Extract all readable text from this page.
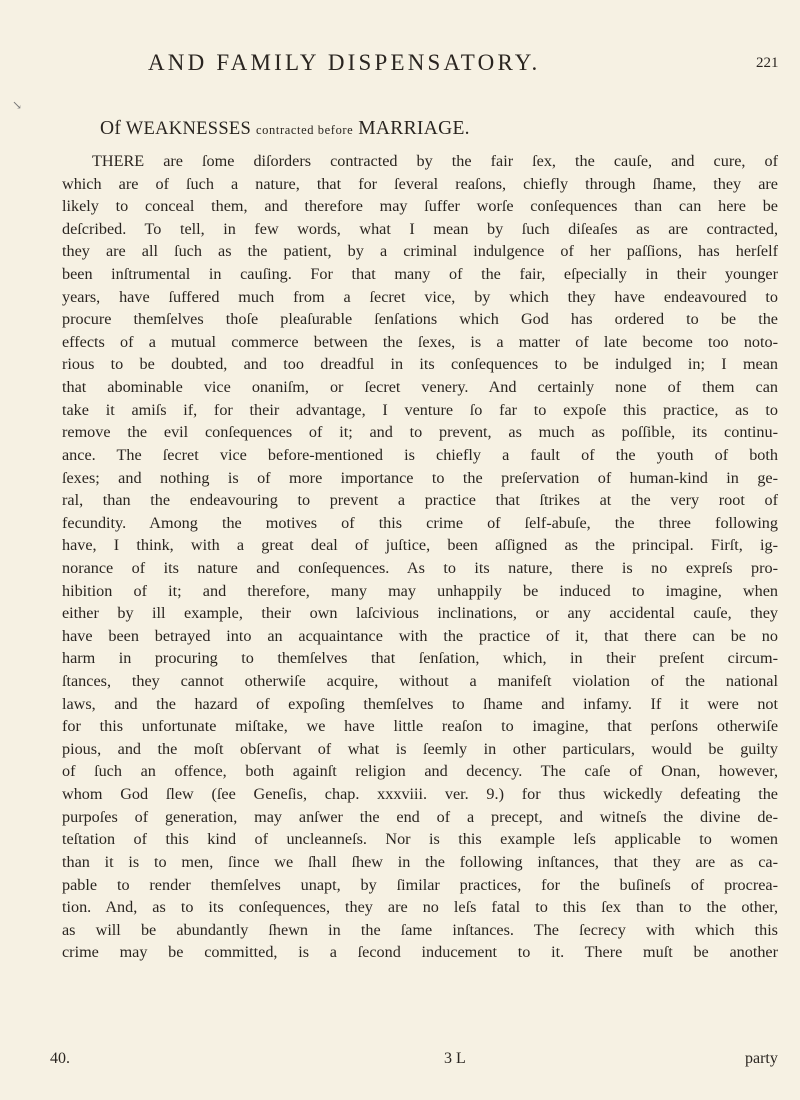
AND FAMILY DISPENSATORY.	221
↘
Of WEAKNESSES contracted before MARRIAGE.
THERE are ſome diſorders contracted by the fair ſex, the cauſe, and cure, of
which are of ſuch a nature, that for ſeveral reaſons, chiefly through ſhame, they are
likely to conceal them, and therefore may ſuffer worſe conſequences than can here be
deſcribed. To tell, in few words, what I mean by ſuch diſeaſes as are contracted,
they are all ſuch as the patient, by a criminal indulgence of her paſſions, has herſelf
been inſtrumental in cauſing. For that many of the fair, eſpecially in their younger
years, have ſuffered much from a ſecret vice, by which they have endeavoured to
procure themſelves thoſe pleaſurable ſenſations which God has ordered to be the
effects of a mutual commerce between the ſexes, is a matter of late become too noto-
rious to be doubted, and too dreadful in its conſequences to be indulged in; I mean
that abominable vice onaniſm, or ſecret venery. And certainly none of them can
take it amiſs if, for their advantage, I venture ſo far to expoſe this practice, as to
remove the evil conſequences of it; and to prevent, as much as poſſible, its continu-
ance. The ſecret vice before-mentioned is chiefly a fault of the youth of both
ſexes; and nothing is of more importance to the preſervation of human-kind in ge-
ral, than the endeavouring to prevent a practice that ſtrikes at the very root of
fecundity. Among the motives of this crime of ſelf-abuſe, the three following
have, I think, with a great deal of juſtice, been aſſigned as the principal. Firſt, ig-
norance of its nature and conſequences. As to its nature, there is no expreſs pro-
hibition of it; and therefore, many may unhappily be induced to imagine, when
either by ill example, their own laſcivious inclinations, or any accidental cauſe, they
have been betrayed into an acquaintance with the practice of it, that there can be no
harm in procuring to themſelves that ſenſation, which, in their preſent circum-
ſtances, they cannot otherwiſe acquire, without a manifeſt violation of the national
laws, and the hazard of expoſing themſelves to ſhame and infamy. If it were not
for this unfortunate miſtake, we have little reaſon to imagine, that perſons otherwiſe
pious, and the moſt obſervant of what is ſeemly in other particulars, would be guilty
of ſuch an offence, both againſt religion and decency. The caſe of Onan, however,
whom God ſlew (ſee Geneſis, chap. xxxviii. ver. 9.) for thus wickedly defeating the
purpoſes of generation, may anſwer the end of a precept, and witneſs the divine de-
teſtation of this kind of uncleanneſs. Nor is this example leſs applicable to women
than it is to men, ſince we ſhall ſhew in the following inſtances, that they are as ca-
pable to render themſelves unapt, by ſimilar practices, for the buſineſs of procrea-
tion. And, as to its conſequences, they are no leſs fatal to this ſex than to the other,
as will be abundantly ſhewn in the ſame inſtances. The ſecrecy with which this
crime may be committed, is a ſecond inducement to it. There muſt be another
40.	3 L	party
